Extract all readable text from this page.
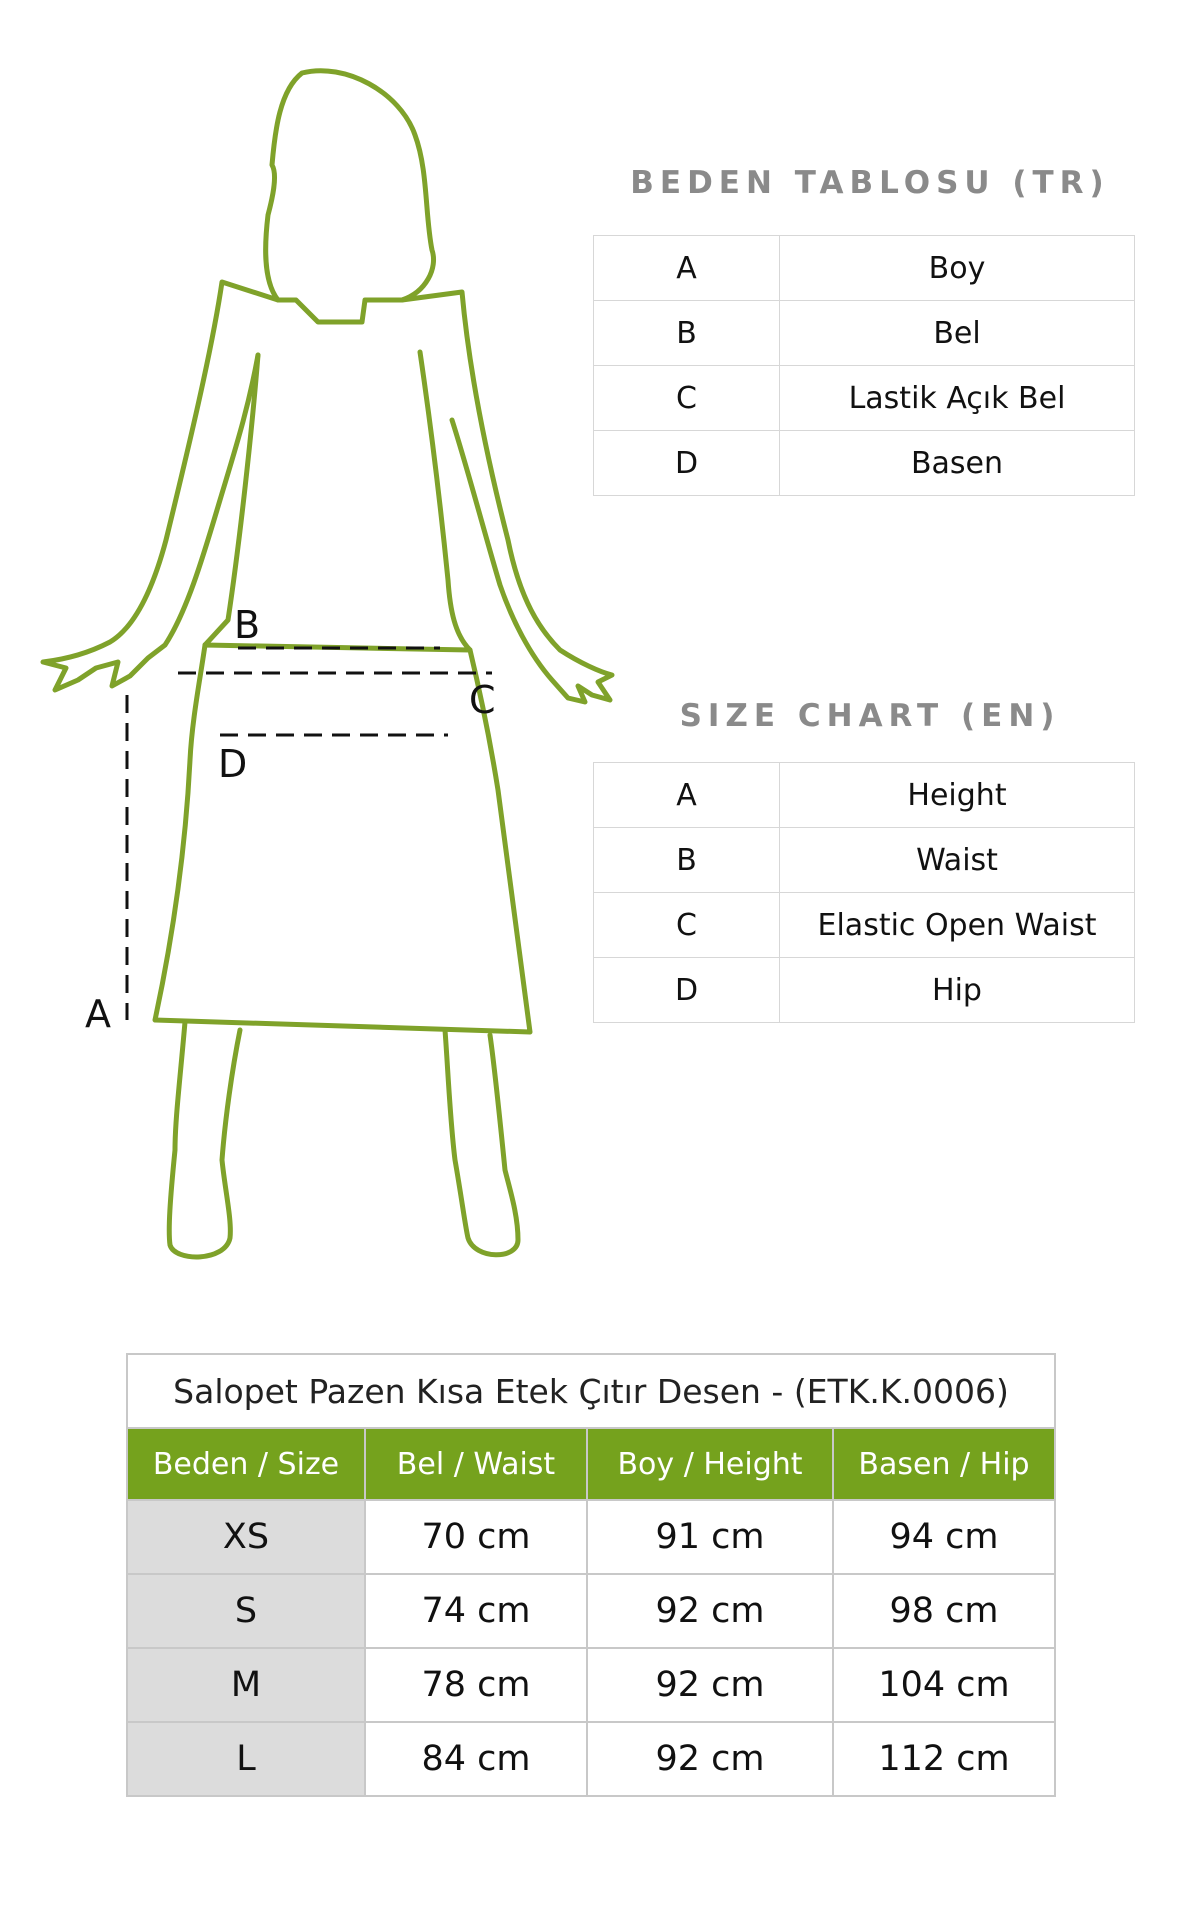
B
C
D
A
BEDEN TABLOSU (TR)
A	Boy
B	Bel
C	Lastik Açık Bel
D	Basen
SIZE CHART (EN)
A	Height
B	Waist
C	Elastic Open Waist
D	Hip
Salopet Pazen Kısa Etek Çıtır Desen - (ETK.K.0006)			
Beden / Size	Bel / Waist	Boy / Height	Basen / Hip
XS	70 cm	91 cm	94 cm
S	74 cm	92 cm	98 cm
M	78 cm	92 cm	104 cm
L	84 cm	92 cm	112 cm
